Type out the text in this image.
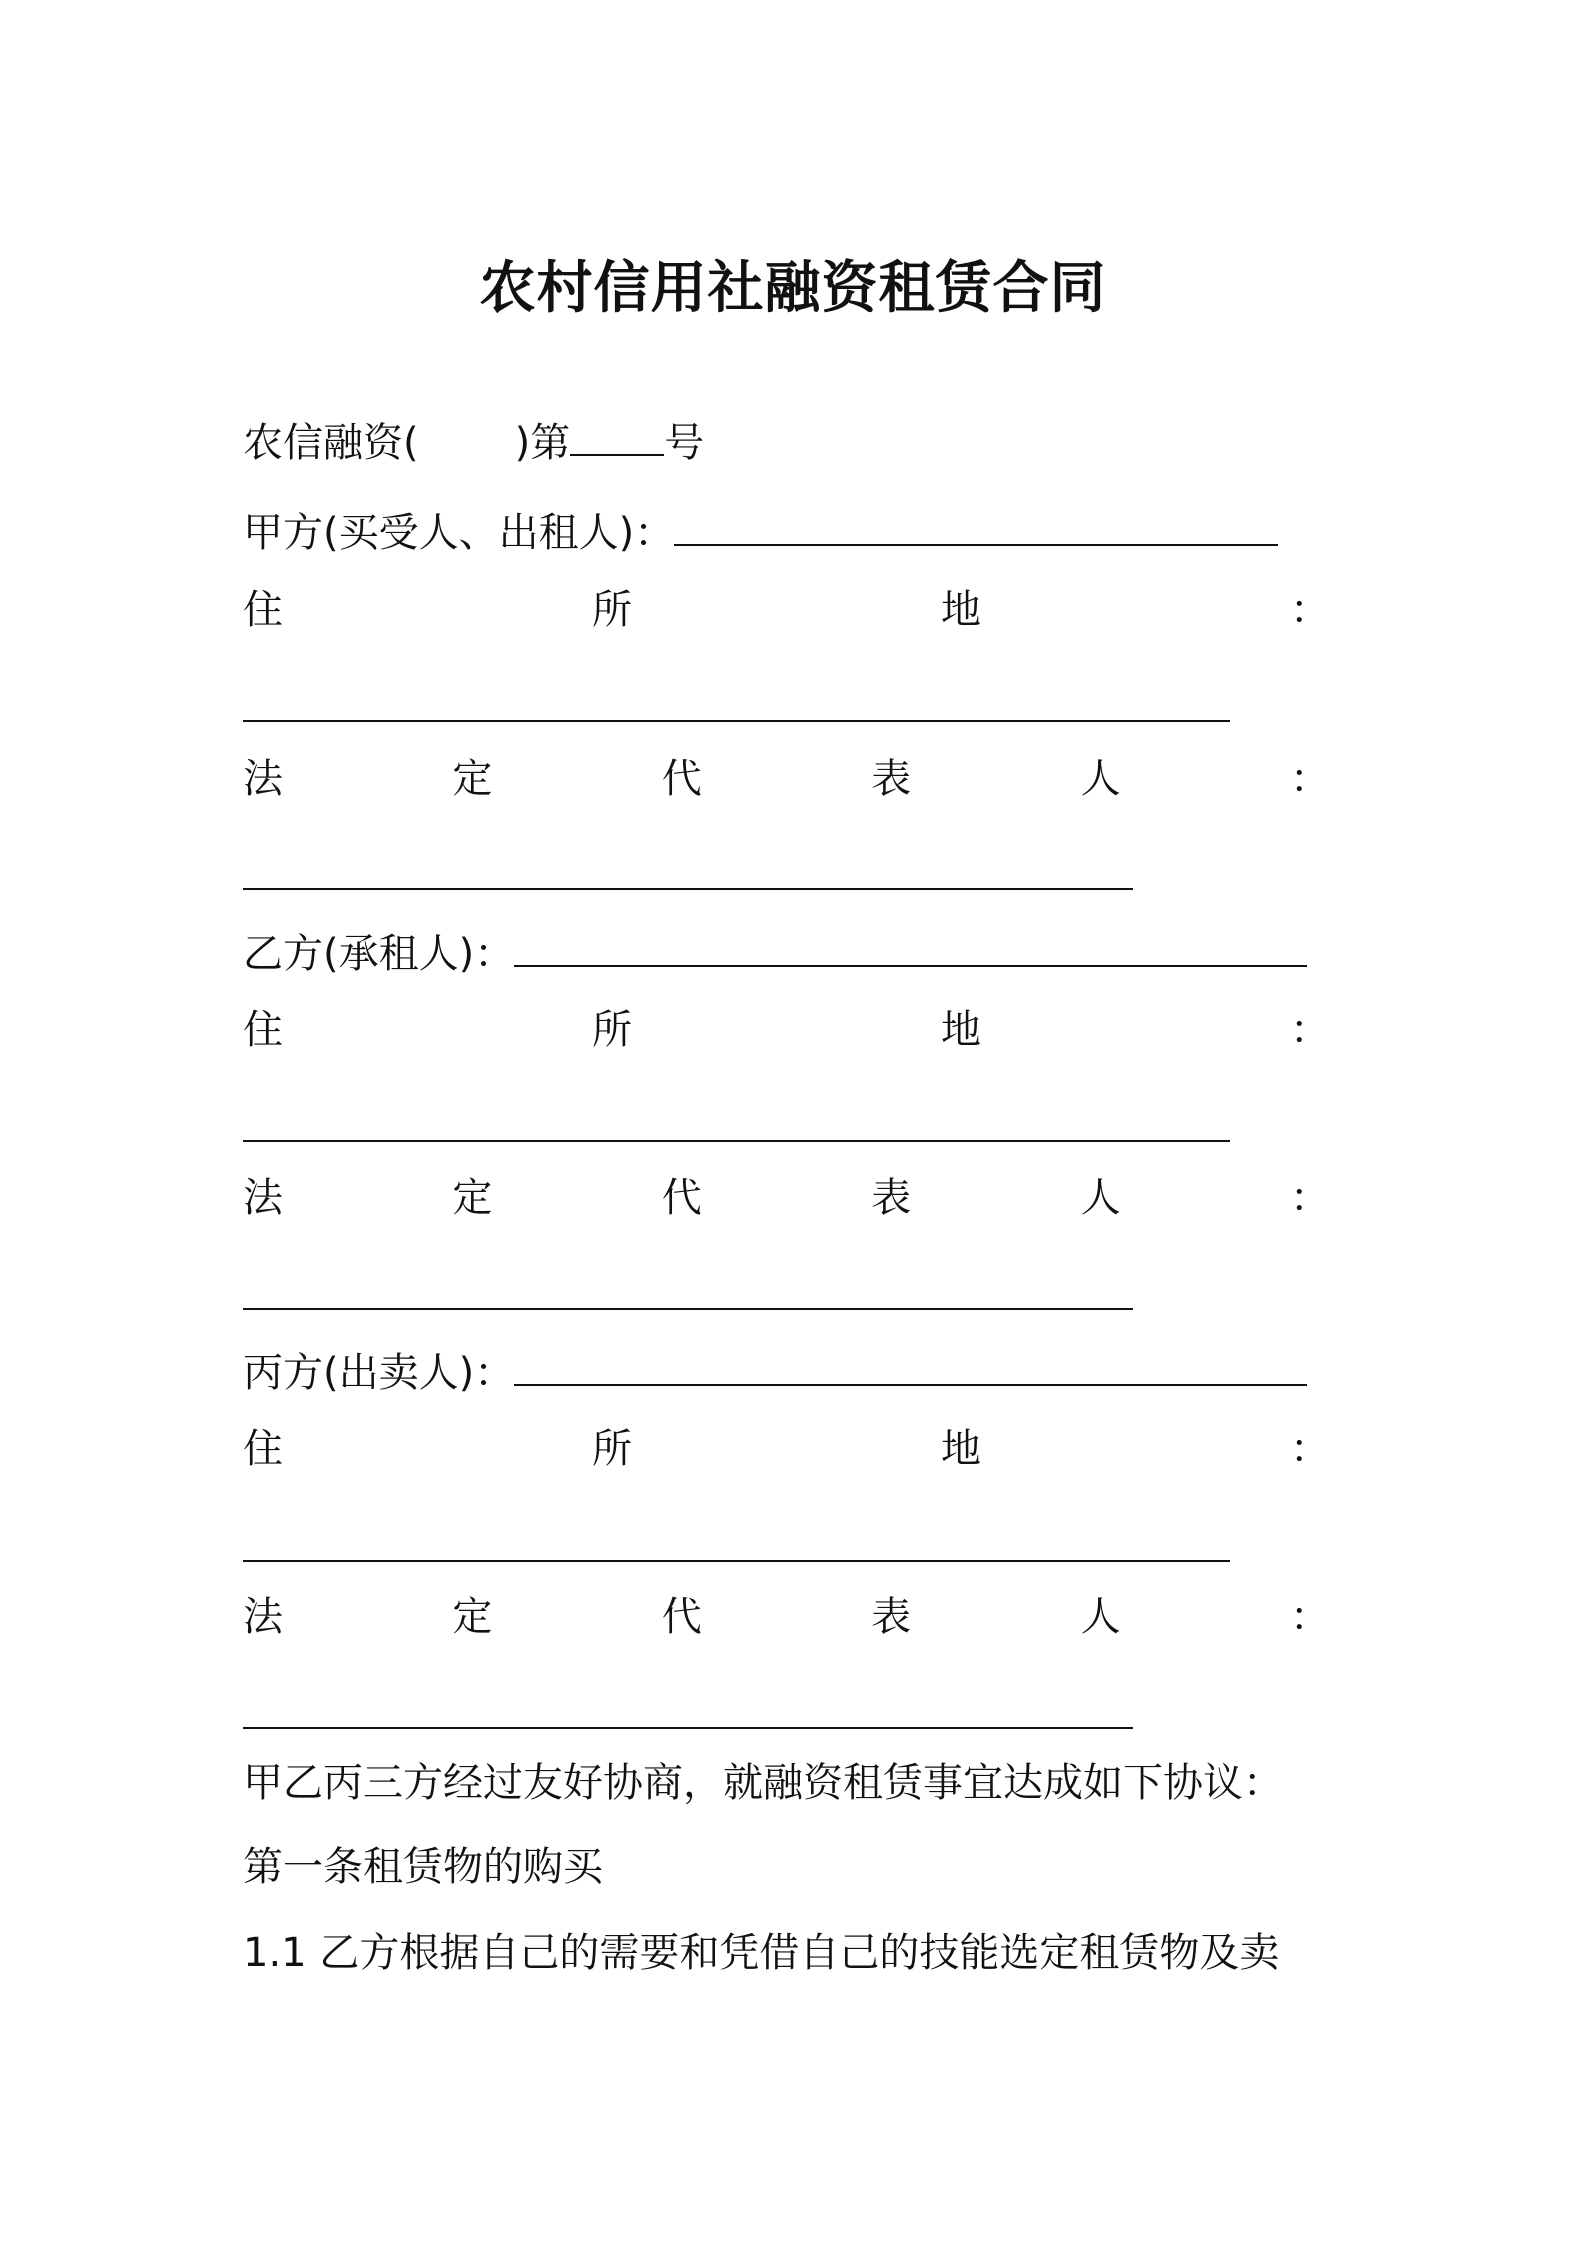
农村信用社融资租赁合同
农信融资( )第 号
甲方(买受人、出租人)：
住	所	地	：
法	定	代	表	人	：
乙方(承租人)：
住	所	地	：
法	定	代	表	人	：
丙方(出卖人)：
住	所	地	：
法	定	代	表	人	：
甲乙丙三方经过友好协商，就融资租赁事宜达成如下协议：
第一条租赁物的购买
1.1 乙方根据自己的需要和凭借自己的技能选定租赁物及卖
